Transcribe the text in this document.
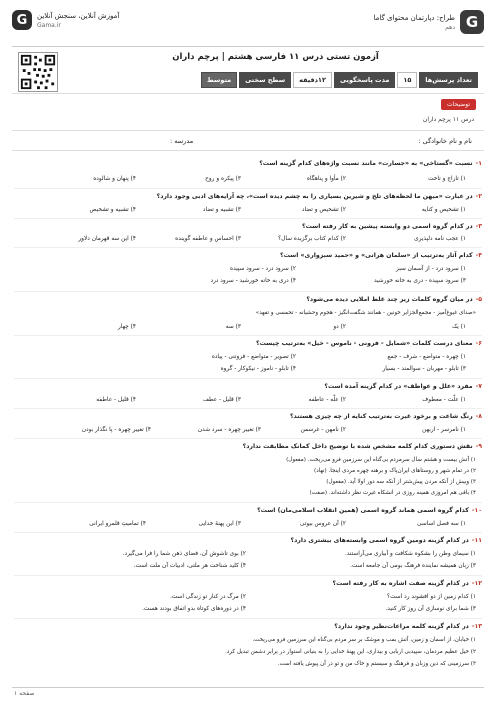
G
طراح: دپارتمان محتوای گاما
دهم
G	آموزش آنلاین، سنجش آنلاین
Gama.ir
آزمون تستی درس ۱۱ فارسی هشتم | پرچم داران
تعداد پرسش‌ها
۱۵
مدت پاسخگویی
۱۲دقیقه
سطح سختی
متوسط
توضیحات
درس ۱۱ پرچم داران
نام و نام خانوادگی :
مدرسه :
۱-نسبت «گستاخی» به «جسارت» مانند نسبت واژه‌های کدام گزینه است؟
۱) تاراج و تاخت
۲) مأوا و پناهگاه
۳) پیکره و روح
۴) پنهان و شالوده
۲-در عبارت «میهن ما لحظه‌های تلخ و شیرین بسیاری را به چشم دیده است»، چه آرایه‌های ادبی وجود دارد؟
۱) تشخیص و کنایه
۲) تشخیص و تضاد
۳) تشبیه و تضاد
۴) تشبیه و تشخیص
۳-در کدام گروه اسمی دو وابسته پیشین به کار رفته است؟
۱) عجب نامه دلپذیری
۲) کدام کتاب برگزیده سال؟
۳) احساس و عاطفه گوینده
۴) این سه قهرمان دلاور
۴-کدام آثار به‌ترتیب از «سلمان هراتی» و «حمید سبزواری» است؟
۱) سرود درد - از آسمان سبز
۲) سرود درد - سرود سپیده
۳) سرود سپیده - دری به خانه خورشید
۴) دری به خانه خورشید - سرود درد
۵-در میان گروه کلمات زیر چند غلط املایی دیده می‌شود؟
«صدای غیوغ‌آمیز - مجمع‌الجزایر خونین - همانند شگفت‌انگیز - هجوم وحشیانه - تحمسی و تفهد»
۱) یک
۲) دو
۳) سه
۴) چهار
۶-معنای درست کلمات «شمایل - فرونی - ناموس - خیل» به‌ترتیب چیست؟
۱) چهره - متواضع - شرف - جمع
۲) تصویر - متواضع - فروتنی - پیاده
۳) تابلو - مهربان - سوالمند - بسیار
۴) تابلو - ناموز - نیکوکار - گروه
۷-مفرد «علل و عواطف» در کدام گزینه آمده است؟
۱) علّت - معطوف
۲) علّه - عاطفه
۳) قلیل - عطف
۴) قلیل - عاطفه
۸-رنگ شاعت و برخود غیرت به‌ترتیب کنایه از چه چیزی هستند؟
۱) نامرسر - اربهن
۲) نامهن - غرسمن
۳) تغییر چهره - سرد شدن
۴) تغییر چهره - پا نگذار بودن
۹-نقش دستوری کدام کلمه مشخص شده با توضیح داخل کمانک مطابقت ندارد؟
۱) آتش بیست و هشتم سال سرمردم بی‌گناه این سرزمین فرو می‌ریخت. (مفعول)
۲) در تمام شهر و روستاهای ایران‌پاک و برهنه چهره مردی اینجا. (نهاد)
۳) وبیش از آنکه مردن پیش‌شتر از آنکه سه دور اولا آید. (مفعول)
۴) باقی هم امروزی همینه روزی در انشکاه غیرت نظر داشته‌اند. (صفت)
۱۰-کدام گروه اسمی هماند گروه اسمی (همین انقلاب اسلامی‌مان) است؟
۱) سه فصل اساسی
۲) آن عروس بیوتی
۳) این پهنهٔ خدایی
۴) تمامیتِ قلمرو ایرانی
۱۱-در کدام گزینه دومین گروه اسمی وابسته‌های بیشتری دارد؟
۱) سیمای وطن را بشکوه شکافت و آبیاری می‌آراستند.
۲) بوی تاشوش آن، فضای ذهن شما را فرا می‌گیرد.
۳) زبان همیشه نماینده فرهنگ بومی آن جامعه است.
۴) کلید شناخت هر ملتی، ادبیات آن ملت است.
۱۲-در کدام گزینه صفت اشاره به کار رفته است؟
۱) کدام زمین از دو افشوند رد است؟
۲) مرگ در کنار تو زندگی است.
۳) شما برای نوسازی آن روز کار کنید.
۴) در دوره‌های کوتاه بدو اتفاق بودند هست.
۱۳-در کدام گزینه کلمه مراعات‌نظیر وجود ندارد؟
۱) خیابان، از اسمان و زمین، آتش بمب و موشک بر سر مردم بی‌گناه این سرزمین فرو می‌ریخت.
۲) خیل عظیم مردمان، سپیدبی اربابی و بیداری، این پهنهٔ خدایی را به بنیانی استوار در برابر دشمن تبدیل کرد.
۳) سرزمینی که دین وزبان و فرهنگ و سیستم و خاک من و تو در آن پیوش یافته است.
صفحه ۱
